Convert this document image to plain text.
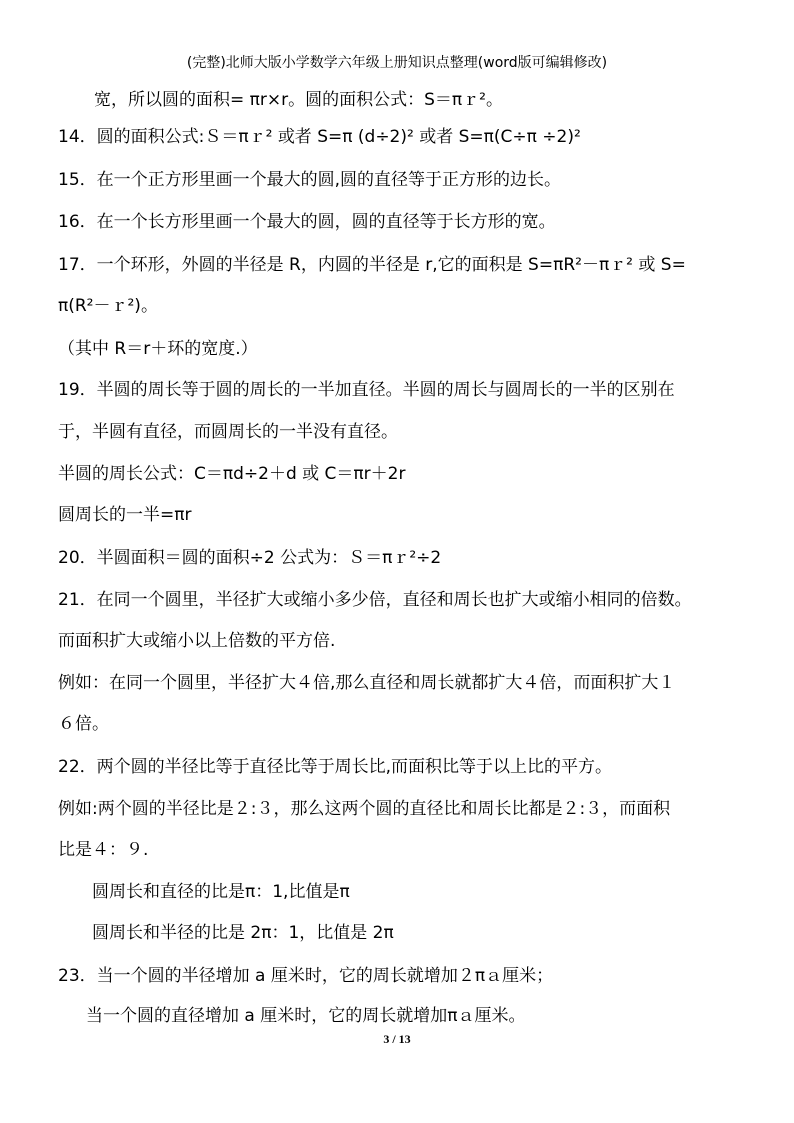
(完整)北师大版小学数学六年级上册知识点整理(word版可编辑修改)
宽，所以圆的面积= πr×r。圆的面积公式：S＝πｒ²。
14．圆的面积公式:Ｓ＝πｒ² 或者 S=π (d÷2)² 或者 S=π(C÷π ÷2)²
15．在一个正方形里画一个最大的圆,圆的直径等于正方形的边长。
16．在一个长方形里画一个最大的圆，圆的直径等于长方形的宽。
17．一个环形，外圆的半径是 R，内圆的半径是 r,它的面积是 S=πR²－πｒ² 或 S=
π(R²－ｒ²)。
（其中 R＝r＋环的宽度.）
19．半圆的周长等于圆的周长的一半加直径。半圆的周长与圆周长的一半的区别在
于，半圆有直径，而圆周长的一半没有直径。
半圆的周长公式：C＝πd÷2＋d 或 C＝πr＋2r
圆周长的一半=πr
20．半圆面积＝圆的面积÷2 公式为：Ｓ＝πｒ²÷2
21．在同一个圆里，半径扩大或缩小多少倍，直径和周长也扩大或缩小相同的倍数。
而面积扩大或缩小以上倍数的平方倍.
例如：在同一个圆里，半径扩大４倍,那么直径和周长就都扩大４倍，而面积扩大１
６倍。
22．两个圆的半径比等于直径比等于周长比,而面积比等于以上比的平方。
例如:两个圆的半径比是２:３，那么这两个圆的直径比和周长比都是２:３，而面积
比是４：９.
圆周长和直径的比是π：1,比值是π
圆周长和半径的比是 2π：1，比值是 2π
23．当一个圆的半径增加 a 厘米时，它的周长就增加２πａ厘米；
当一个圆的直径增加 a 厘米时，它的周长就增加πａ厘米。
3 / 13
